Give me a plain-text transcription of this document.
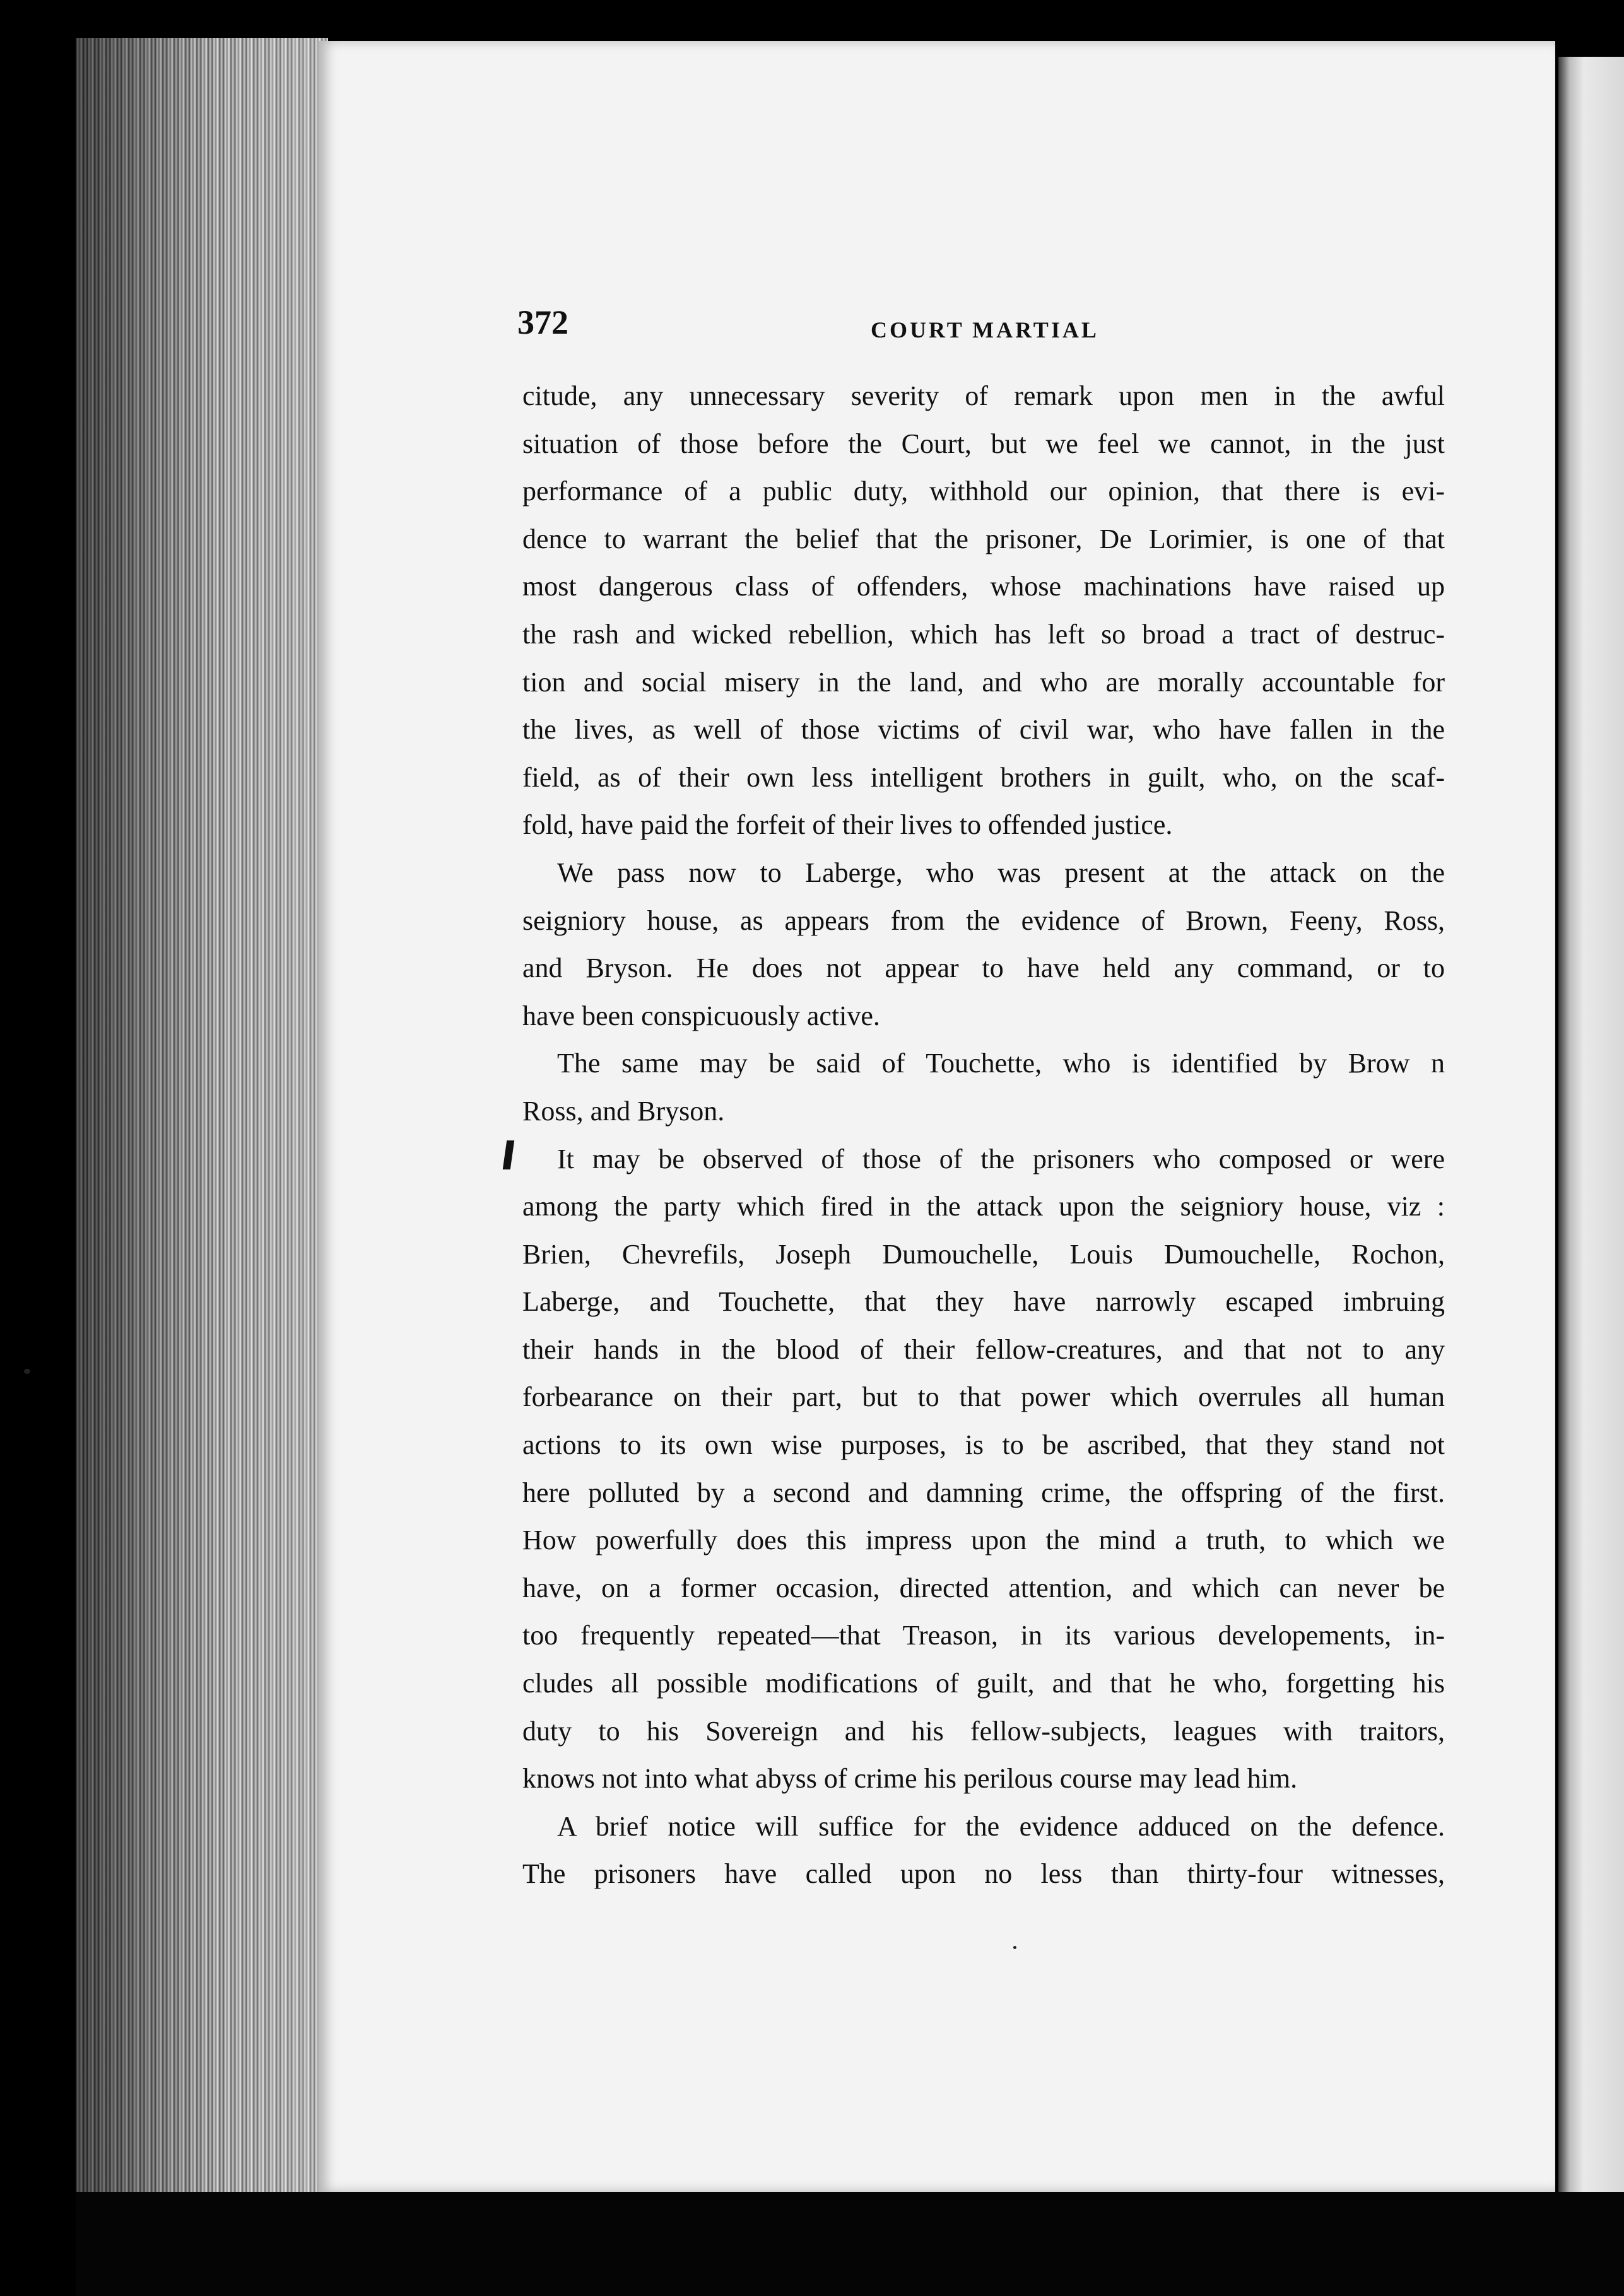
372	COURT MARTIAL
citude, any unnecessary severity of remark upon men in the awful
situation of those before the Court, but we feel we cannot, in the just
performance of a public duty, withhold our opinion, that there is evi-
dence to warrant the belief that the prisoner, De Lorimier, is one of that
most dangerous class of offenders, whose machinations have raised up
the rash and wicked rebellion, which has left so broad a tract of destruc-
tion and social misery in the land, and who are morally accountable for
the lives, as well of those victims of civil war, who have fallen in the
field, as of their own less intelligent brothers in guilt, who, on the scaf-
fold, have paid the forfeit of their lives to offended justice.
We pass now to Laberge, who was present at the attack on the
seigniory house, as appears from the evidence of Brown, Feeny, Ross,
and Bryson. He does not appear to have held any command, or to
have been conspicuously active.
The same may be said of Touchette, who is identified by Brow n
Ross, and Bryson.
It may be observed of those of the prisoners who composed or were
among the party which fired in the attack upon the seigniory house, viz :
Brien, Chevrefils, Joseph Dumouchelle, Louis Dumouchelle, Rochon,
Laberge, and Touchette, that they have narrowly escaped imbruing
their hands in the blood of their fellow-creatures, and that not to any
forbearance on their part, but to that power which overrules all human
actions to its own wise purposes, is to be ascribed, that they stand not
here polluted by a second and damning crime, the offspring of the first.
How powerfully does this impress upon the mind a truth, to which we
have, on a former occasion, directed attention, and which can never be
too frequently repeated—that Treason, in its various developements, in-
cludes all possible modifications of guilt, and that he who, forgetting his
duty to his Sovereign and his fellow-subjects, leagues with traitors,
knows not into what abyss of crime his perilous course may lead him.
A brief notice will suffice for the evidence adduced on the defence.
The prisoners have called upon no less than thirty-four witnesses,
